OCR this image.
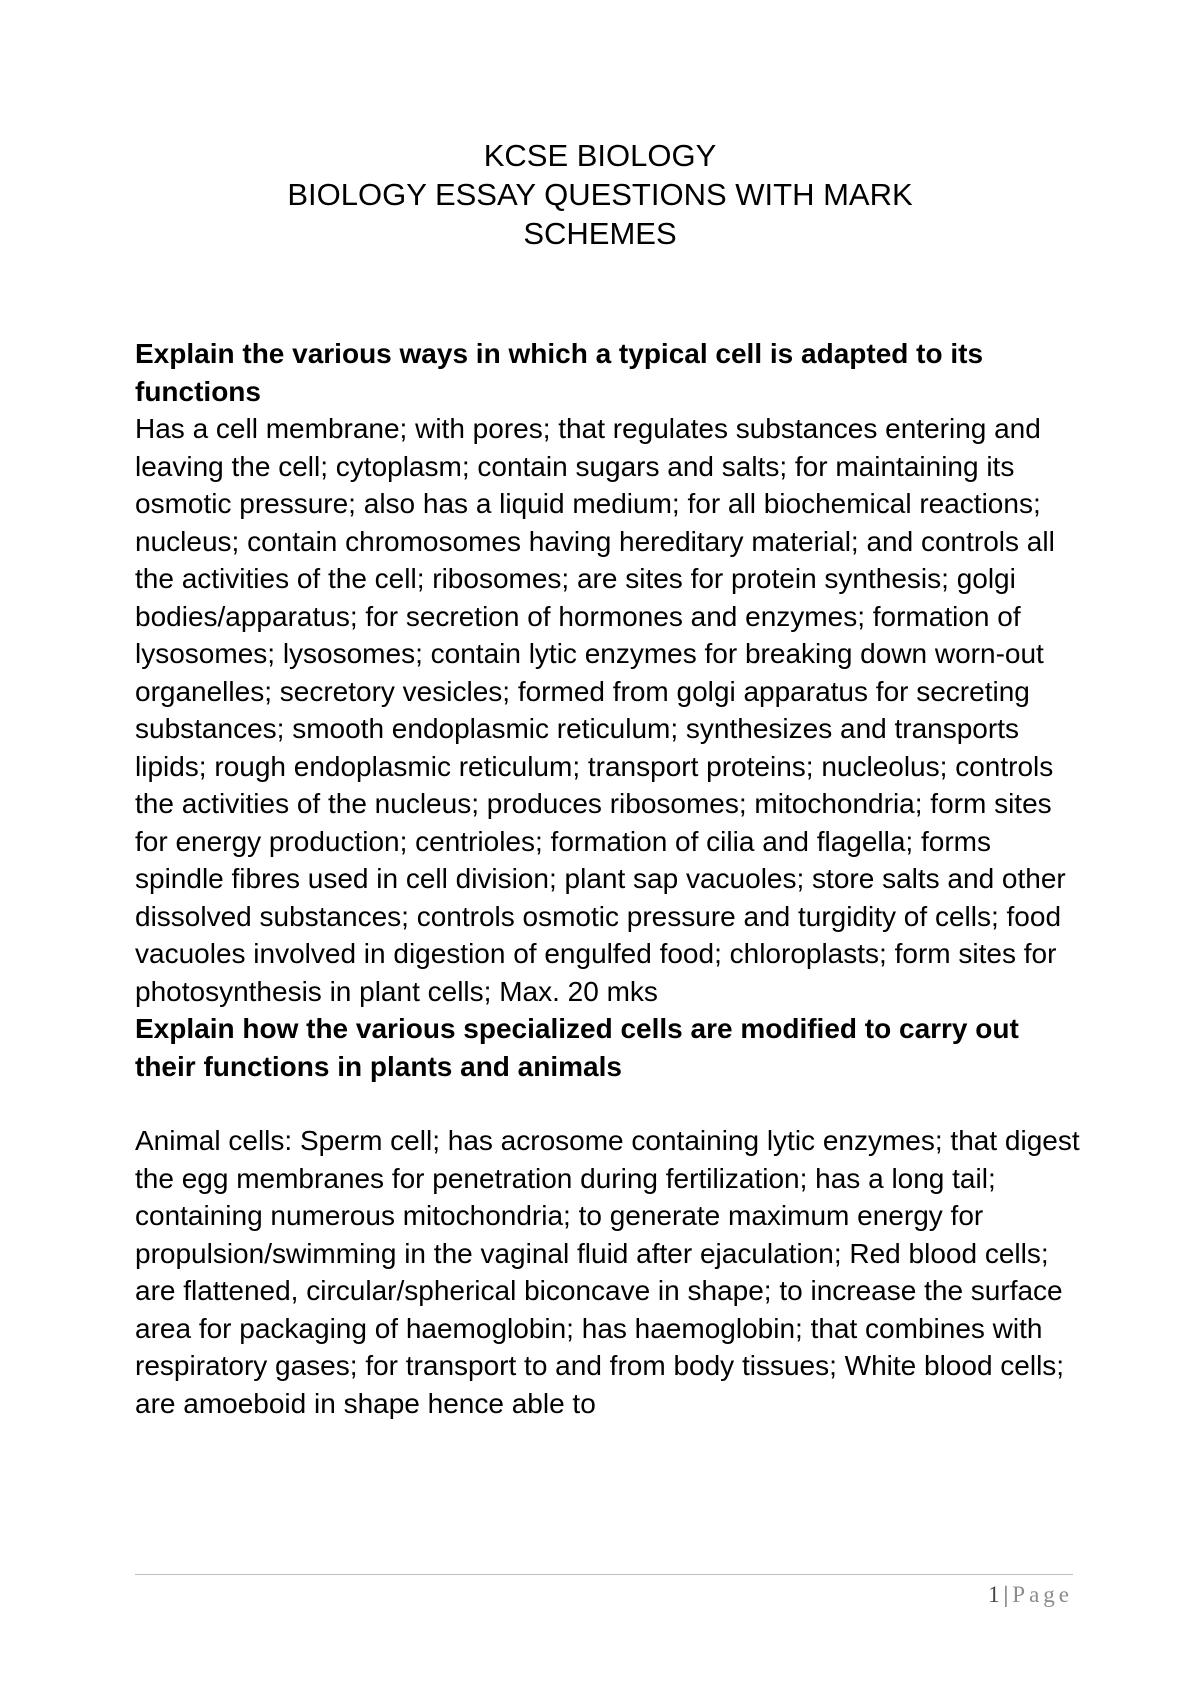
KCSE BIOLOGY
BIOLOGY ESSAY QUESTIONS WITH MARK
SCHEMES

Explain the various ways in which a typical cell is adapted to its functions

Has a cell membrane; with pores; that regulates substances entering and leaving the cell; cytoplasm; contain sugars and salts; for maintaining its osmotic pressure; also has a liquid medium; for all biochemical reactions; nucleus; contain chromosomes having hereditary material; and controls all the activities of the cell; ribosomes; are sites for protein synthesis; golgi bodies/apparatus; for secretion of hormones and enzymes; formation of lysosomes; lysosomes; contain lytic enzymes for breaking down worn-out organelles; secretory vesicles; formed from golgi apparatus for secreting substances; smooth endoplasmic reticulum; synthesizes and transports lipids; rough endoplasmic reticulum; transport proteins; nucleolus; controls the activities of the nucleus; produces ribosomes; mitochondria; form sites for energy production; centrioles; formation of cilia and flagella; forms spindle fibres used in cell division; plant sap vacuoles; store salts and other dissolved substances; controls osmotic pressure and turgidity of cells; food vacuoles involved in digestion of engulfed food; chloroplasts; form sites for photosynthesis in plant cells; Max. 20 mks

Explain how the various specialized cells are modified to carry out their functions in plants and animals

Animal cells: Sperm cell; has acrosome containing lytic enzymes; that digest the egg membranes for penetration during fertilization; has a long tail; containing numerous mitochondria; to generate maximum energy for propulsion/swimming in the vaginal fluid after ejaculation; Red blood cells; are flattened, circular/spherical biconcave in shape; to increase the surface area for packaging of haemoglobin; has haemoglobin; that combines with respiratory gases; for transport to and from body tissues; White blood cells; are amoeboid in shape hence able to

1 | Page
